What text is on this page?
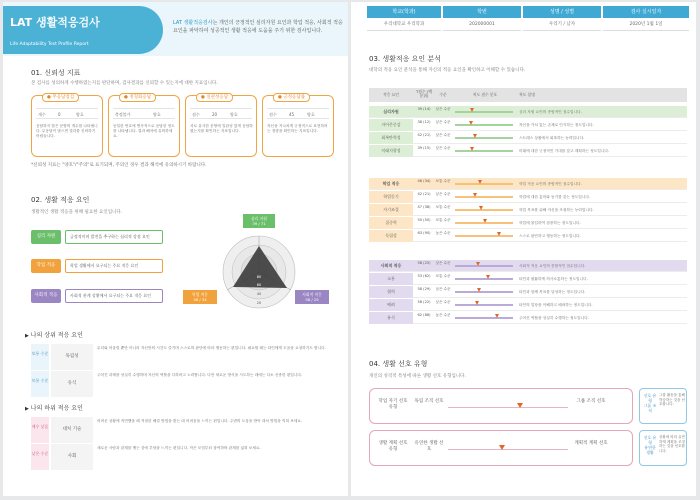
LAT 생활적응검사
Life Adaptability Test Profile Report
LAT 생활적응검사는 개인의 긍정적인 심리자원 요인과 학업 적응, 사회적 적응 요인을 파악하여 성공적인 생활 적응에 도움을 주기 위한 검사입니다.
01. 신뢰성 지표
본 검사를 성의하게 수행하였는지를 판단하며, 검사결과를 신뢰할 수 있는지에 대한 지표입니다.
● 무응답점검
개수	0	양호
응답하지 않은 문항의 개수를 나타냅니다. 무응답이 많으면 결과를 신뢰하기 어렵습니다.
● 정형화응답
측정불가	양호
동일한 번호에 연속적으로 응답한 정도를 나타냅니다. 결과 해석에 유의하세요.
● 일관성응답
점수	20	양호
서로 유사한 문항에 일관성 있게 응답하였는지를 확인하는 지표입니다.
● 긍정응답률
점수	45	양호
자신을 지나치게 긍정적으로 표현하려는 경향을 확인하는 지표입니다.
*신뢰성 지표는 "양호"/"주의"로 표기되며, 주의인 경우 결과 해석에 유의하시기 바랍니다.
02. 생활 적응 요인
생활적인 생활 적응을 위해 필요한 요인입니다.
심리 자원	긍정적이며 발전을 추구하는 심리적 강점 요인
학업 적응	학업 생활에서 요구되는 주요 적응 요인
사회적 적응	사회적 관계 상황에서 요구되는 주요 적응 요인
80
60
40
20
심리 자원
39 / 71
학업 적응
46 / 34
사회적 적응
58 / 25
▶ 나의 상위 적응 요인
보통 수준
독립성
무리와 어울릴 뿐만 아니라 자신만의 시간도 즐기며 스스로의 판단에 따라 행동하는 편입니다. 필요할 때는 타인에게 도움을 요청하기도 합니다.
보통 수준
유식
주어진 과제를 성실히 수행하며 자신의 역할을 다하려고 노력합니다. 다만 새로운 방식을 시도하는 데에는 다소 신중한 편입니다.
▶ 나의 하위 적응 요인
매우 낮음
대처 기술
어려운 상황에 직면했을 때 적절한 해결 방법을 찾는 데 어려움을 느끼는 편입니다. 주변의 도움을 받아 대처 방법을 익혀 보세요.
낮은 수준
사회
새로운 사람과 관계를 맺는 것에 부담을 느끼는 편입니다. 작은 모임부터 참여하며 관계를 넓혀 보세요.
학교(학과)	학번	성명 / 성별	검사 실시일자
우리대학교 우리학과	202000001	우리기 / 남자	2020년 1월 1일
03. 생활적응 요인 분석
대학의 적응 요인 분석을 통해 자신의 적응 요인을 확인하고 이해할 수 있습니다.
적응 요인
T점수 (백분위)	수준	척도 점수 분포	척도 설명
심리자원	39 (14)	낮은 수준
심리 자원 요인의 종합적인 점수입니다.
자아존중감	38 (12)	낮은 수준
자신을 가치 있는 존재로 인식하는 정도입니다.
회복탄력성	42 (21)	낮은 수준
스트레스 상황에서 회복하는 능력입니다.
미래지향성	39 (15)	낮은 수준
미래에 대한 긍정적인 기대를 갖고 계획하는 정도입니다.
학업 적응	46 (34)	보통 수준
학업 적응 요인의 종합적인 점수입니다.
학업동기	42 (21)	낮은 수준
학업에 대한 흥미와 동기를 갖는 정도입니다.
자기조절	47 (38)	보통 수준
학업 목표를 위해 자신을 조절하는 능력입니다.
집중력	50 (50)	보통 수준
학업에 몰입하여 집중하는 정도입니다.
독립성	63 (90)	높은 수준
스스로 판단하고 행동하는 정도입니다.
사회적 적응	58 (25)	낮은 수준
사회적 적응 요인의 종합적인 점수입니다.
소통	53 (62)	보통 수준
타인과 원활하게 의사소통하는 정도입니다.
협력	58 (29)	낮은 수준
타인과 함께 목표를 달성하는 정도입니다.
배려	58 (22)	낮은 수준
타인의 입장을 이해하고 배려하는 정도입니다.
유식	62 (88)	높은 수준
주어진 역할을 성실히 수행하는 정도입니다.
04. 생활 선호 유형
개인의 성격적 특성에 따른 생활 선호 유형입니다.
학업 자기 선호 유형
독립 조직 선호	그룹 조직 선호
선호 유형
그룹 조직
그룹 활동을 통해 학습하는 것을 선호합니다.
생활 계획 선호 유형
유연한 생활 선호
계획적 계획 선호
선호 유형
유연한 생활
상황에 따라 유연하게 계획을 조정하는 것을 선호합니다.
